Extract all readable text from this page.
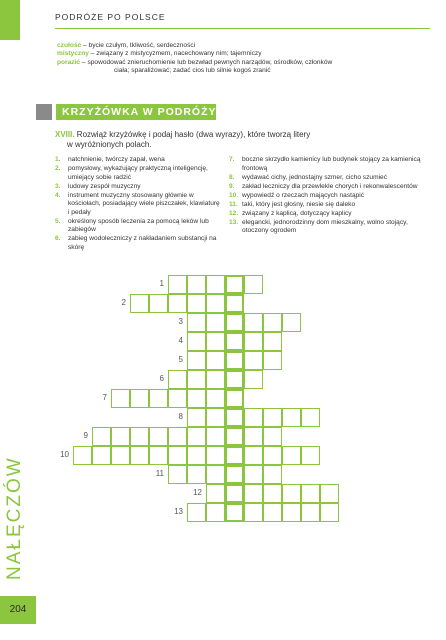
PODRÓŻE PO POLSCE
czułość – bycie czułym, tkliwość, serdeczności
mistyczny – związany z mistycyzmem, nacechowany nim; tajemniczy
porazić – spowodować znieruchomienie lub bezwład pewnych narządów, ośrodków, członków
ciała; sparaliżować; zadać cios lub silnie kogoś zranić
KRZYŻÓWKA W PODRÓŻY
XVIII. Rozwiąż krzyżówkę i podaj hasło (dwa wyrazy), które tworzą litery
w wyróżnionych polach.
1.	natchnienie, twórczy zapał, wena
2.	pomysłowy, wykazujący praktyczną inteligencję, umiejący sobie radzić
3.	ludowy zespół muzyczny
4.	instrument muzyczny stosowany głównie w kościołach, posiadający wiele piszczałek, klawiaturę i pedały
5.	określony sposób leczenia za pomocą leków lub zabiegów
6.	zabieg wodoleczniczy z nakładaniem substancji na skórę
7.	boczne skrzydło kamienicy lub budynek stojący za kamienicą frontową
8.	wydawać cichy, jednostajny szmer, cicho szumieć
9.	zakład leczniczy dla przewlekle chorych i rekonwalescentów
10. wypowiedź o rzeczach mających nastąpić
11. taki, który jest głośny, niesie się daleko
12. związany z kaplicą, dotyczący kaplicy
13. elegancki, jednorodzinny dom mieszkalny, wolno stojący, otoczony ogrodem
1
2
3
4
5
6
7
8
9
10
11
12
13
NAŁĘCZÓW
204
